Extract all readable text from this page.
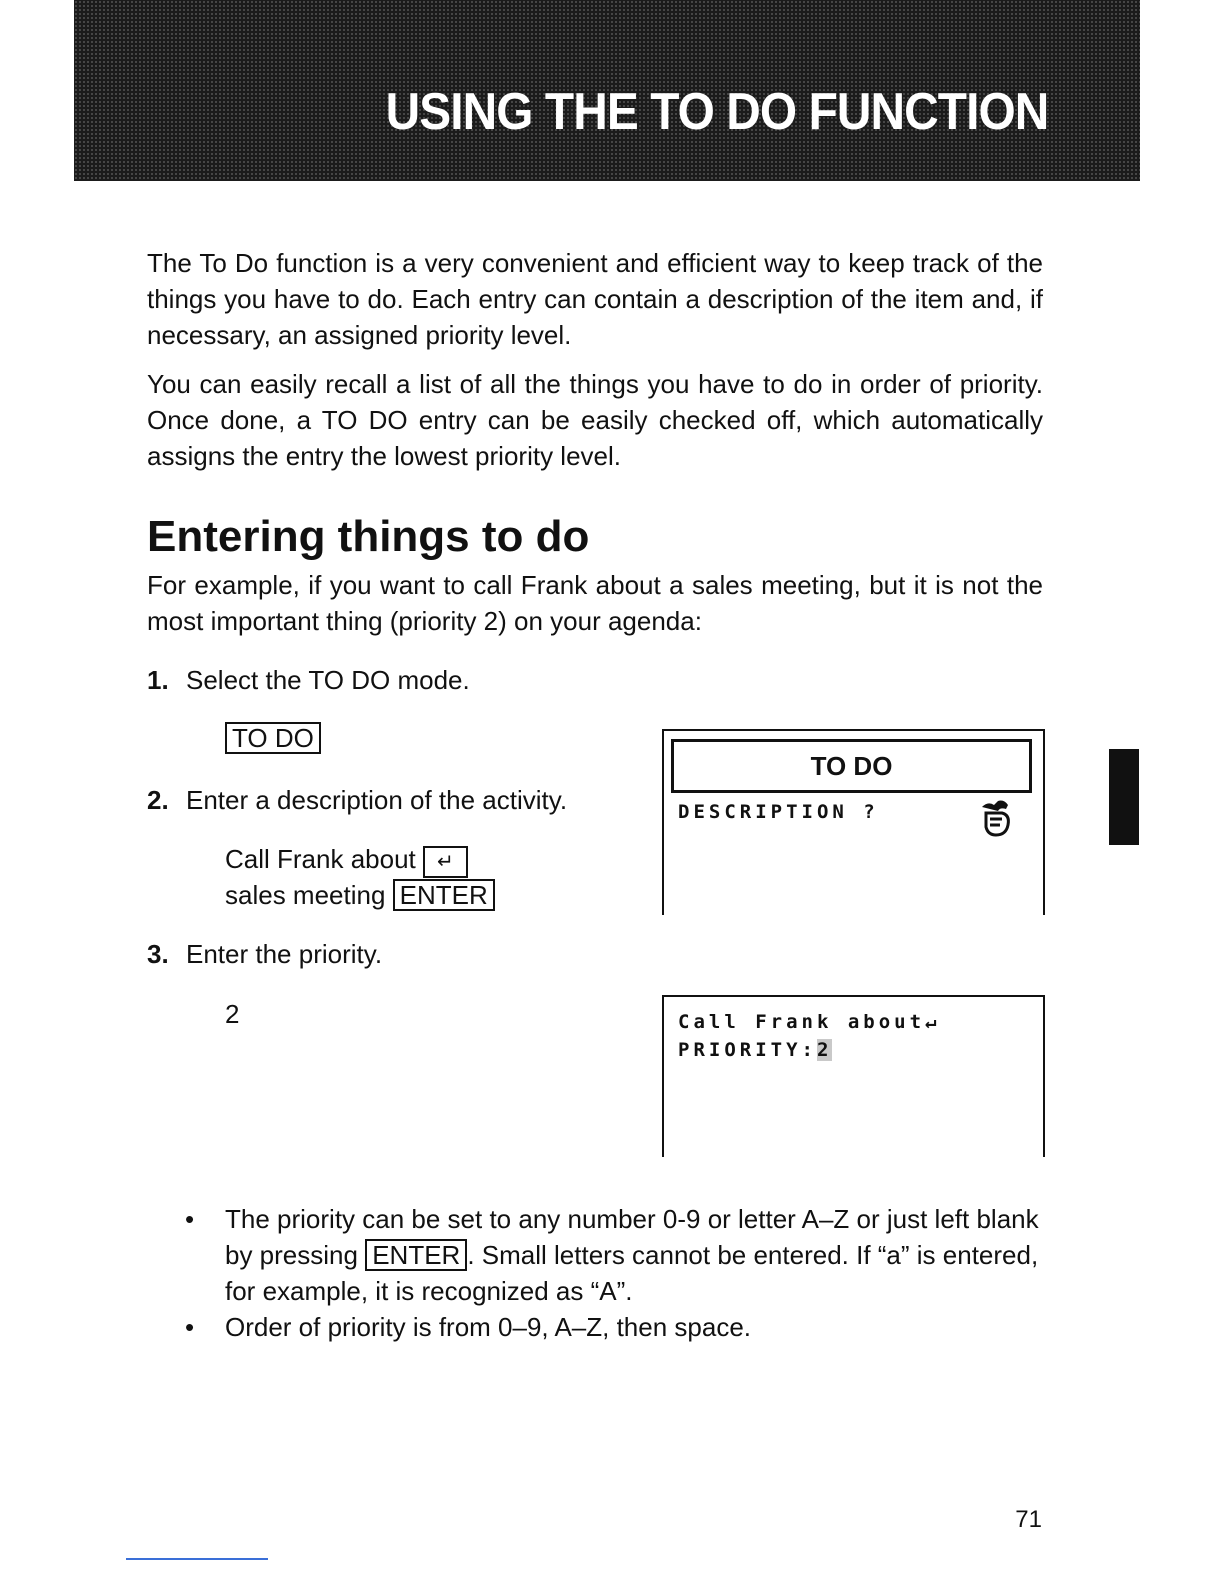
USING THE TO DO FUNCTION

The To Do function is a very convenient and efficient way to keep track of the things you have to do. Each entry can contain a description of the item and, if necessary, an assigned priority level.

You can easily recall a list of all the things you have to do in order of priority. Once done, a TO DO entry can be easily checked off, which automatically assigns the entry the lowest priority level.

Entering things to do

For example, if you want to call Frank about a sales meeting, but it is not the most important thing (priority 2) on your agenda:

1. Select the TO DO mode.
TO DO
2. Enter a description of the activity.
Call Frank about ↵
sales meeting ENTER
3. Enter the priority.
2
TO DO
DESCRIPTION ?
Call Frank about↵
PRIORITY:2
• The priority can be set to any number 0-9 or letter A–Z or just left blank by pressing ENTER . Small letters cannot be entered. If “a” is entered, for example, it is recognized as “A”.
• Order of priority is from 0–9, A–Z, then space.
71
